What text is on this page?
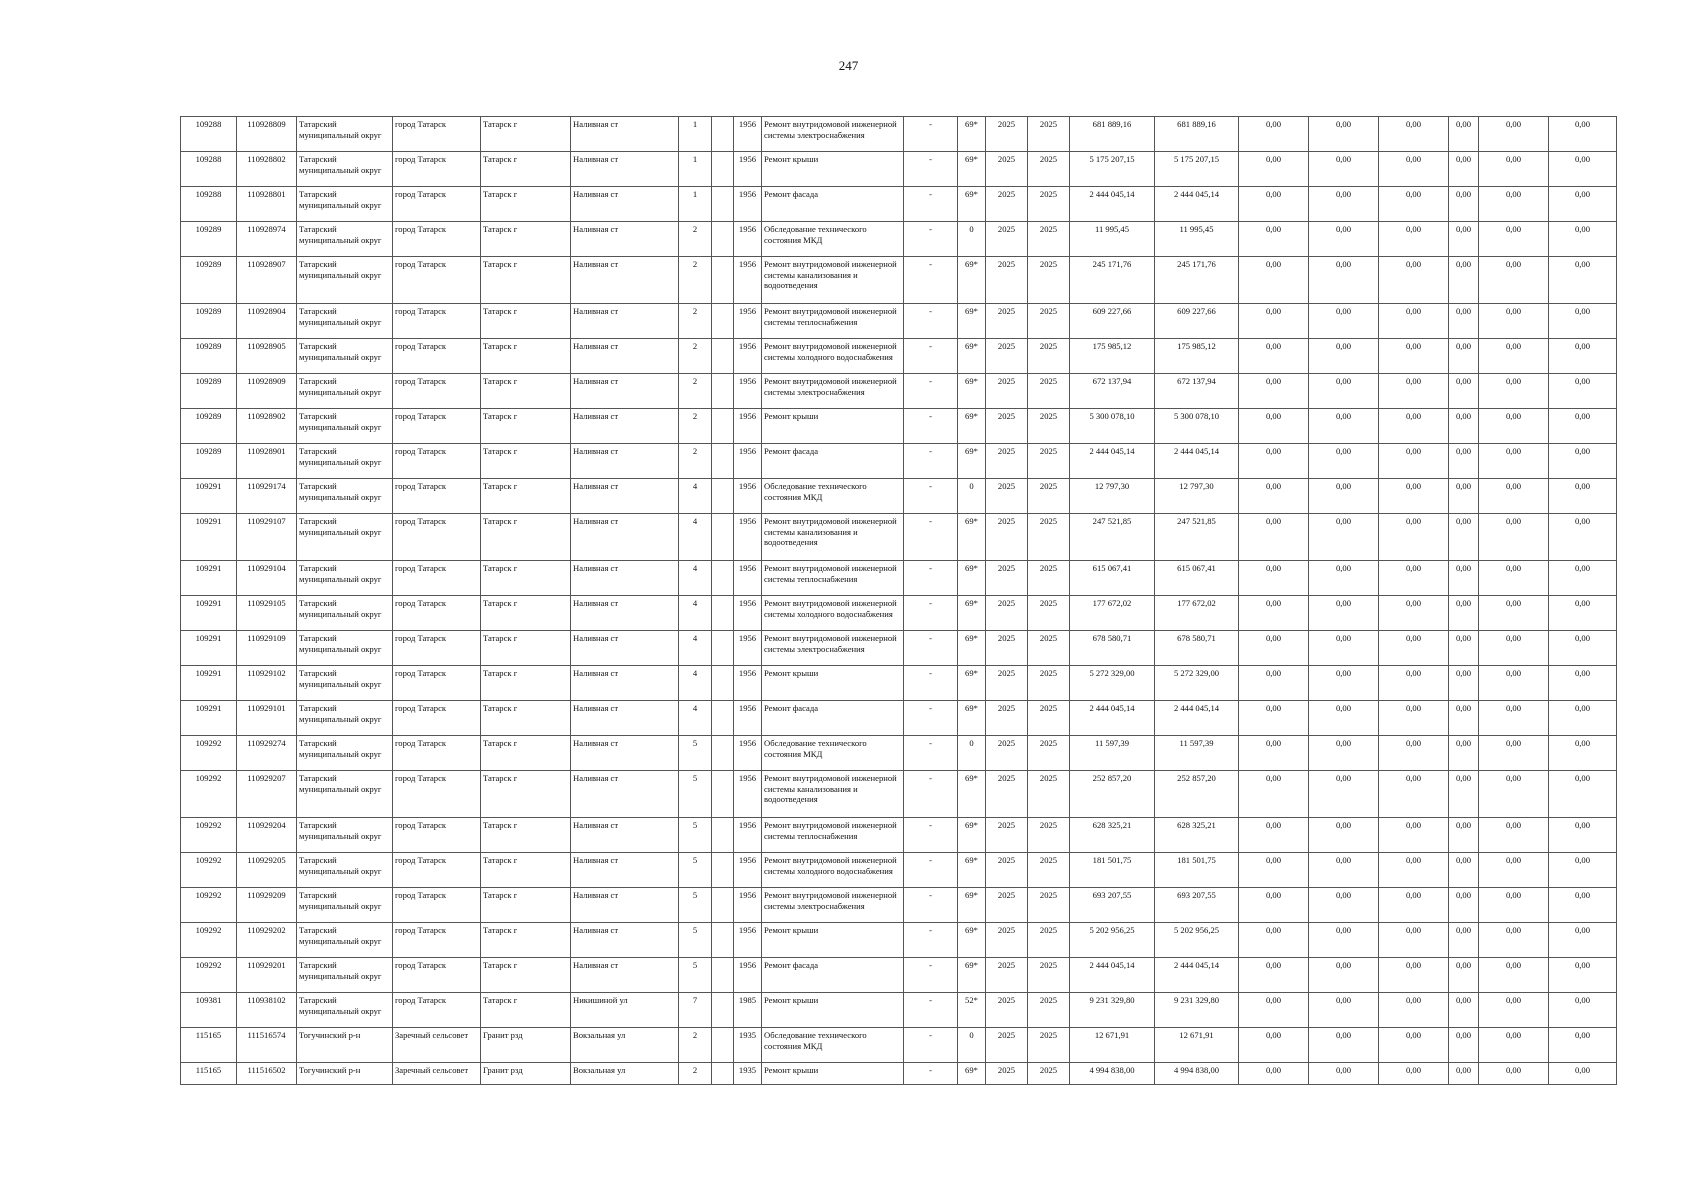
247
109288	110928809	Татарский муниципальный округ	город Татарск	Татарск г	Наливная ст	1		1956	Ремонт внутридомовой инженерной системы электроснабжения	-	69*	2025	2025	681 889,16	681 889,16	0,00	0,00	0,00	0,00	0,00	0,00
109288	110928802	Татарский муниципальный округ	город Татарск	Татарск г	Наливная ст	1		1956	Ремонт крыши	-	69*	2025	2025	5 175 207,15	5 175 207,15	0,00	0,00	0,00	0,00	0,00	0,00
109288	110928801	Татарский муниципальный округ	город Татарск	Татарск г	Наливная ст	1		1956	Ремонт фасада	-	69*	2025	2025	2 444 045,14	2 444 045,14	0,00	0,00	0,00	0,00	0,00	0,00
109289	110928974	Татарский муниципальный округ	город Татарск	Татарск г	Наливная ст	2		1956	Обследование технического состояния МКД	-	0	2025	2025	11 995,45	11 995,45	0,00	0,00	0,00	0,00	0,00	0,00
109289	110928907	Татарский муниципальный округ	город Татарск	Татарск г	Наливная ст	2		1956	Ремонт внутридомовой инженерной системы канализования и водоотведения	-	69*	2025	2025	245 171,76	245 171,76	0,00	0,00	0,00	0,00	0,00	0,00
109289	110928904	Татарский муниципальный округ	город Татарск	Татарск г	Наливная ст	2		1956	Ремонт внутридомовой инженерной системы теплоснабжения	-	69*	2025	2025	609 227,66	609 227,66	0,00	0,00	0,00	0,00	0,00	0,00
109289	110928905	Татарский муниципальный округ	город Татарск	Татарск г	Наливная ст	2		1956	Ремонт внутридомовой инженерной системы холодного водоснабжения	-	69*	2025	2025	175 985,12	175 985,12	0,00	0,00	0,00	0,00	0,00	0,00
109289	110928909	Татарский муниципальный округ	город Татарск	Татарск г	Наливная ст	2		1956	Ремонт внутридомовой инженерной системы электроснабжения	-	69*	2025	2025	672 137,94	672 137,94	0,00	0,00	0,00	0,00	0,00	0,00
109289	110928902	Татарский муниципальный округ	город Татарск	Татарск г	Наливная ст	2		1956	Ремонт крыши	-	69*	2025	2025	5 300 078,10	5 300 078,10	0,00	0,00	0,00	0,00	0,00	0,00
109289	110928901	Татарский муниципальный округ	город Татарск	Татарск г	Наливная ст	2		1956	Ремонт фасада	-	69*	2025	2025	2 444 045,14	2 444 045,14	0,00	0,00	0,00	0,00	0,00	0,00
109291	110929174	Татарский муниципальный округ	город Татарск	Татарск г	Наливная ст	4		1956	Обследование технического состояния МКД	-	0	2025	2025	12 797,30	12 797,30	0,00	0,00	0,00	0,00	0,00	0,00
109291	110929107	Татарский муниципальный округ	город Татарск	Татарск г	Наливная ст	4		1956	Ремонт внутридомовой инженерной системы канализования и водоотведения	-	69*	2025	2025	247 521,85	247 521,85	0,00	0,00	0,00	0,00	0,00	0,00
109291	110929104	Татарский муниципальный округ	город Татарск	Татарск г	Наливная ст	4		1956	Ремонт внутридомовой инженерной системы теплоснабжения	-	69*	2025	2025	615 067,41	615 067,41	0,00	0,00	0,00	0,00	0,00	0,00
109291	110929105	Татарский муниципальный округ	город Татарск	Татарск г	Наливная ст	4		1956	Ремонт внутридомовой инженерной системы холодного водоснабжения	-	69*	2025	2025	177 672,02	177 672,02	0,00	0,00	0,00	0,00	0,00	0,00
109291	110929109	Татарский муниципальный округ	город Татарск	Татарск г	Наливная ст	4		1956	Ремонт внутридомовой инженерной системы электроснабжения	-	69*	2025	2025	678 580,71	678 580,71	0,00	0,00	0,00	0,00	0,00	0,00
109291	110929102	Татарский муниципальный округ	город Татарск	Татарск г	Наливная ст	4		1956	Ремонт крыши	-	69*	2025	2025	5 272 329,00	5 272 329,00	0,00	0,00	0,00	0,00	0,00	0,00
109291	110929101	Татарский муниципальный округ	город Татарск	Татарск г	Наливная ст	4		1956	Ремонт фасада	-	69*	2025	2025	2 444 045,14	2 444 045,14	0,00	0,00	0,00	0,00	0,00	0,00
109292	110929274	Татарский муниципальный округ	город Татарск	Татарск г	Наливная ст	5		1956	Обследование технического состояния МКД	-	0	2025	2025	11 597,39	11 597,39	0,00	0,00	0,00	0,00	0,00	0,00
109292	110929207	Татарский муниципальный округ	город Татарск	Татарск г	Наливная ст	5		1956	Ремонт внутридомовой инженерной системы канализования и водоотведения	-	69*	2025	2025	252 857,20	252 857,20	0,00	0,00	0,00	0,00	0,00	0,00
109292	110929204	Татарский муниципальный округ	город Татарск	Татарск г	Наливная ст	5		1956	Ремонт внутридомовой инженерной системы теплоснабжения	-	69*	2025	2025	628 325,21	628 325,21	0,00	0,00	0,00	0,00	0,00	0,00
109292	110929205	Татарский муниципальный округ	город Татарск	Татарск г	Наливная ст	5		1956	Ремонт внутридомовой инженерной системы холодного водоснабжения	-	69*	2025	2025	181 501,75	181 501,75	0,00	0,00	0,00	0,00	0,00	0,00
109292	110929209	Татарский муниципальный округ	город Татарск	Татарск г	Наливная ст	5		1956	Ремонт внутридомовой инженерной системы электроснабжения	-	69*	2025	2025	693 207,55	693 207,55	0,00	0,00	0,00	0,00	0,00	0,00
109292	110929202	Татарский муниципальный округ	город Татарск	Татарск г	Наливная ст	5		1956	Ремонт крыши	-	69*	2025	2025	5 202 956,25	5 202 956,25	0,00	0,00	0,00	0,00	0,00	0,00
109292	110929201	Татарский муниципальный округ	город Татарск	Татарск г	Наливная ст	5		1956	Ремонт фасада	-	69*	2025	2025	2 444 045,14	2 444 045,14	0,00	0,00	0,00	0,00	0,00	0,00
109381	110938102	Татарский муниципальный округ	город Татарск	Татарск г	Никишиной ул	7		1985	Ремонт крыши	-	52*	2025	2025	9 231 329,80	9 231 329,80	0,00	0,00	0,00	0,00	0,00	0,00
115165	111516574	Тогучинский р-н	Заречный сельсовет	Гранит рзд	Вокзальная ул	2		1935	Обследование технического состояния МКД	-	0	2025	2025	12 671,91	12 671,91	0,00	0,00	0,00	0,00	0,00	0,00
115165	111516502	Тогучинский р-н	Заречный сельсовет	Гранит рзд	Вокзальная ул	2		1935	Ремонт крыши	-	69*	2025	2025	4 994 838,00	4 994 838,00	0,00	0,00	0,00	0,00	0,00	0,00
